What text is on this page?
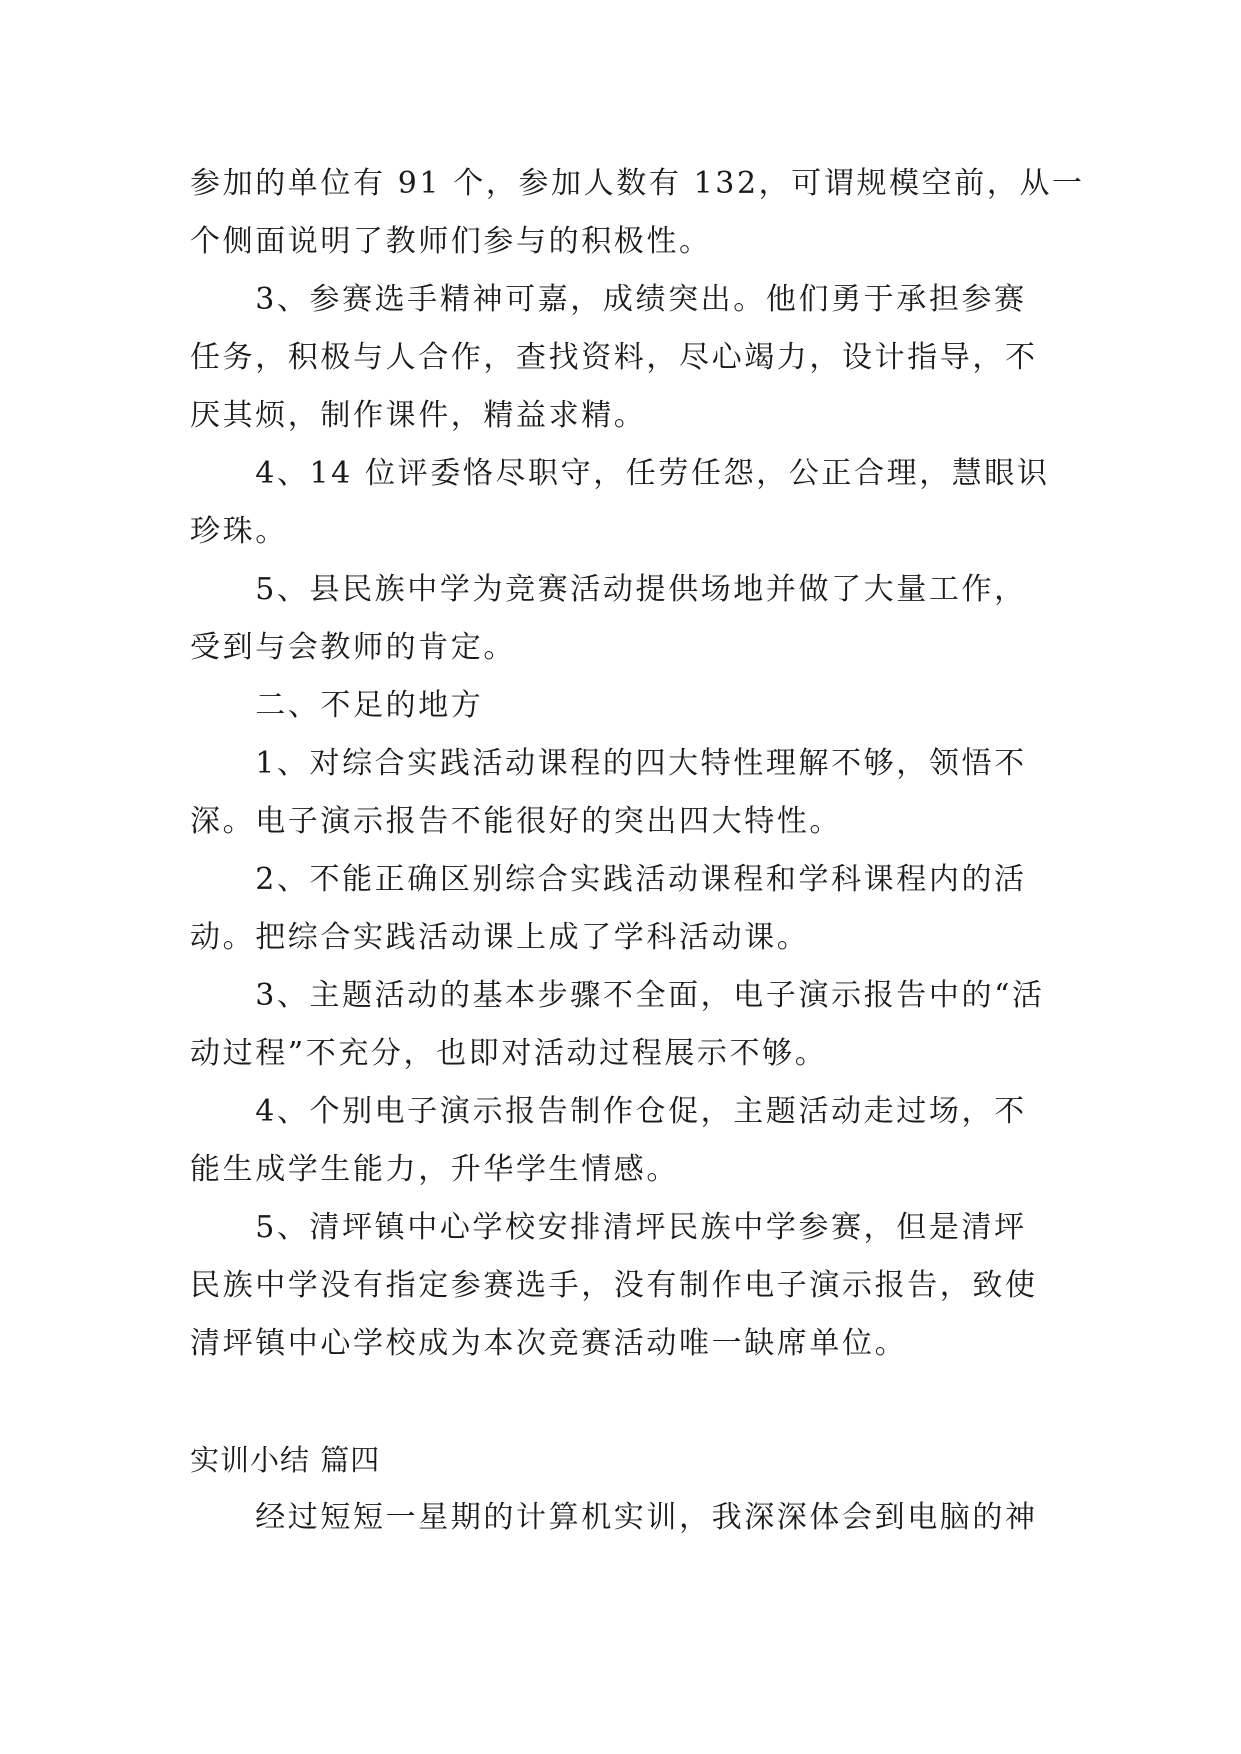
参加的单位有 91 个，参加人数有 132，可谓规模空前，从一

个侧面说明了教师们参与的积极性。

　　3、参赛选手精神可嘉，成绩突出。他们勇于承担参赛

任务，积极与人合作，查找资料，尽心竭力，设计指导，不

厌其烦，制作课件，精益求精。

　　4、14 位评委恪尽职守，任劳任怨，公正合理，慧眼识

珍珠。

　　5、县民族中学为竞赛活动提供场地并做了大量工作，

受到与会教师的肯定。

　　二、不足的地方

　　1、对综合实践活动课程的四大特性理解不够，领悟不

深。电子演示报告不能很好的突出四大特性。

　　2、不能正确区别综合实践活动课程和学科课程内的活

动。把综合实践活动课上成了学科活动课。

　　3、主题活动的基本步骤不全面，电子演示报告中的“活

动过程”不充分，也即对活动过程展示不够。

　　4、个别电子演示报告制作仓促，主题活动走过场，不

能生成学生能力，升华学生情感。

　　5、清坪镇中心学校安排清坪民族中学参赛，但是清坪

民族中学没有指定参赛选手，没有制作电子演示报告，致使

清坪镇中心学校成为本次竞赛活动唯一缺席单位。

实训小结 篇四

　　经过短短一星期的计算机实训，我深深体会到电脑的神
